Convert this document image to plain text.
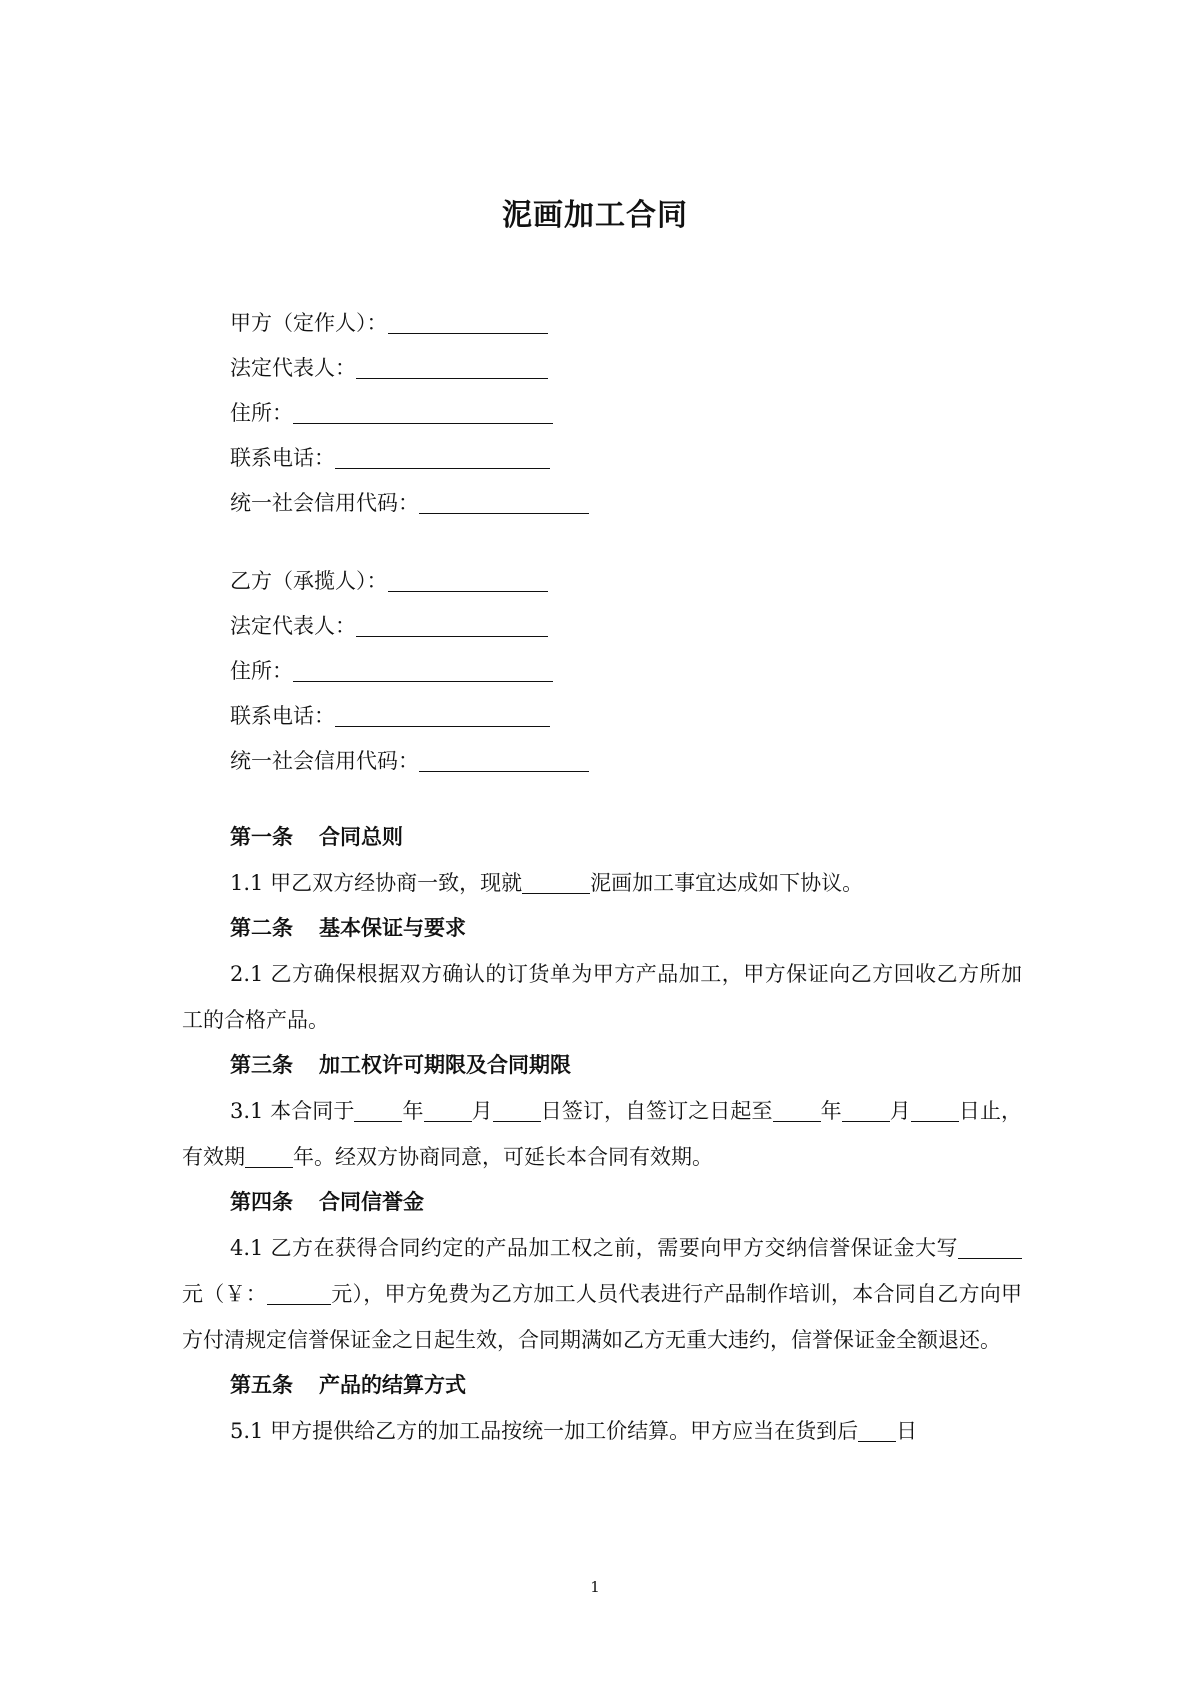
泥画加工合同
甲方（定作人）：
法定代表人：
住所：
联系电话：
统一社会信用代码：
乙方（承揽人）：
法定代表人：
住所：
联系电话：
统一社会信用代码：
第一条 合同总则
1.1 甲乙双方经协商一致，现就	泥画加工事宜达成如下协议。
第二条 基本保证与要求
2.1 乙方确保根据双方确认的订货单为甲方产品加工，甲方保证向乙方回收乙方所加工的合格产品。
第三条 加工权许可期限及合同期限
3.1 本合同于 年 月 日签订，自签订之日起至 年 月 日止，有效期 年。经双方协商同意，可延长本合同有效期。
第四条 合同信誉金
4.1 乙方在获得合同约定的产品加工权之前，需要向甲方交纳信誉保证金大写元（￥：	元），甲方免费为乙方加工人员代表进行产品制作培训，本合同自乙方向甲方付清规定信誉保证金之日起生效，合同期满如乙方无重大违约，信誉保证金全额退还。
第五条 产品的结算方式
5.1 甲方提供给乙方的加工品按统一加工价结算。甲方应当在货到后 日
1
